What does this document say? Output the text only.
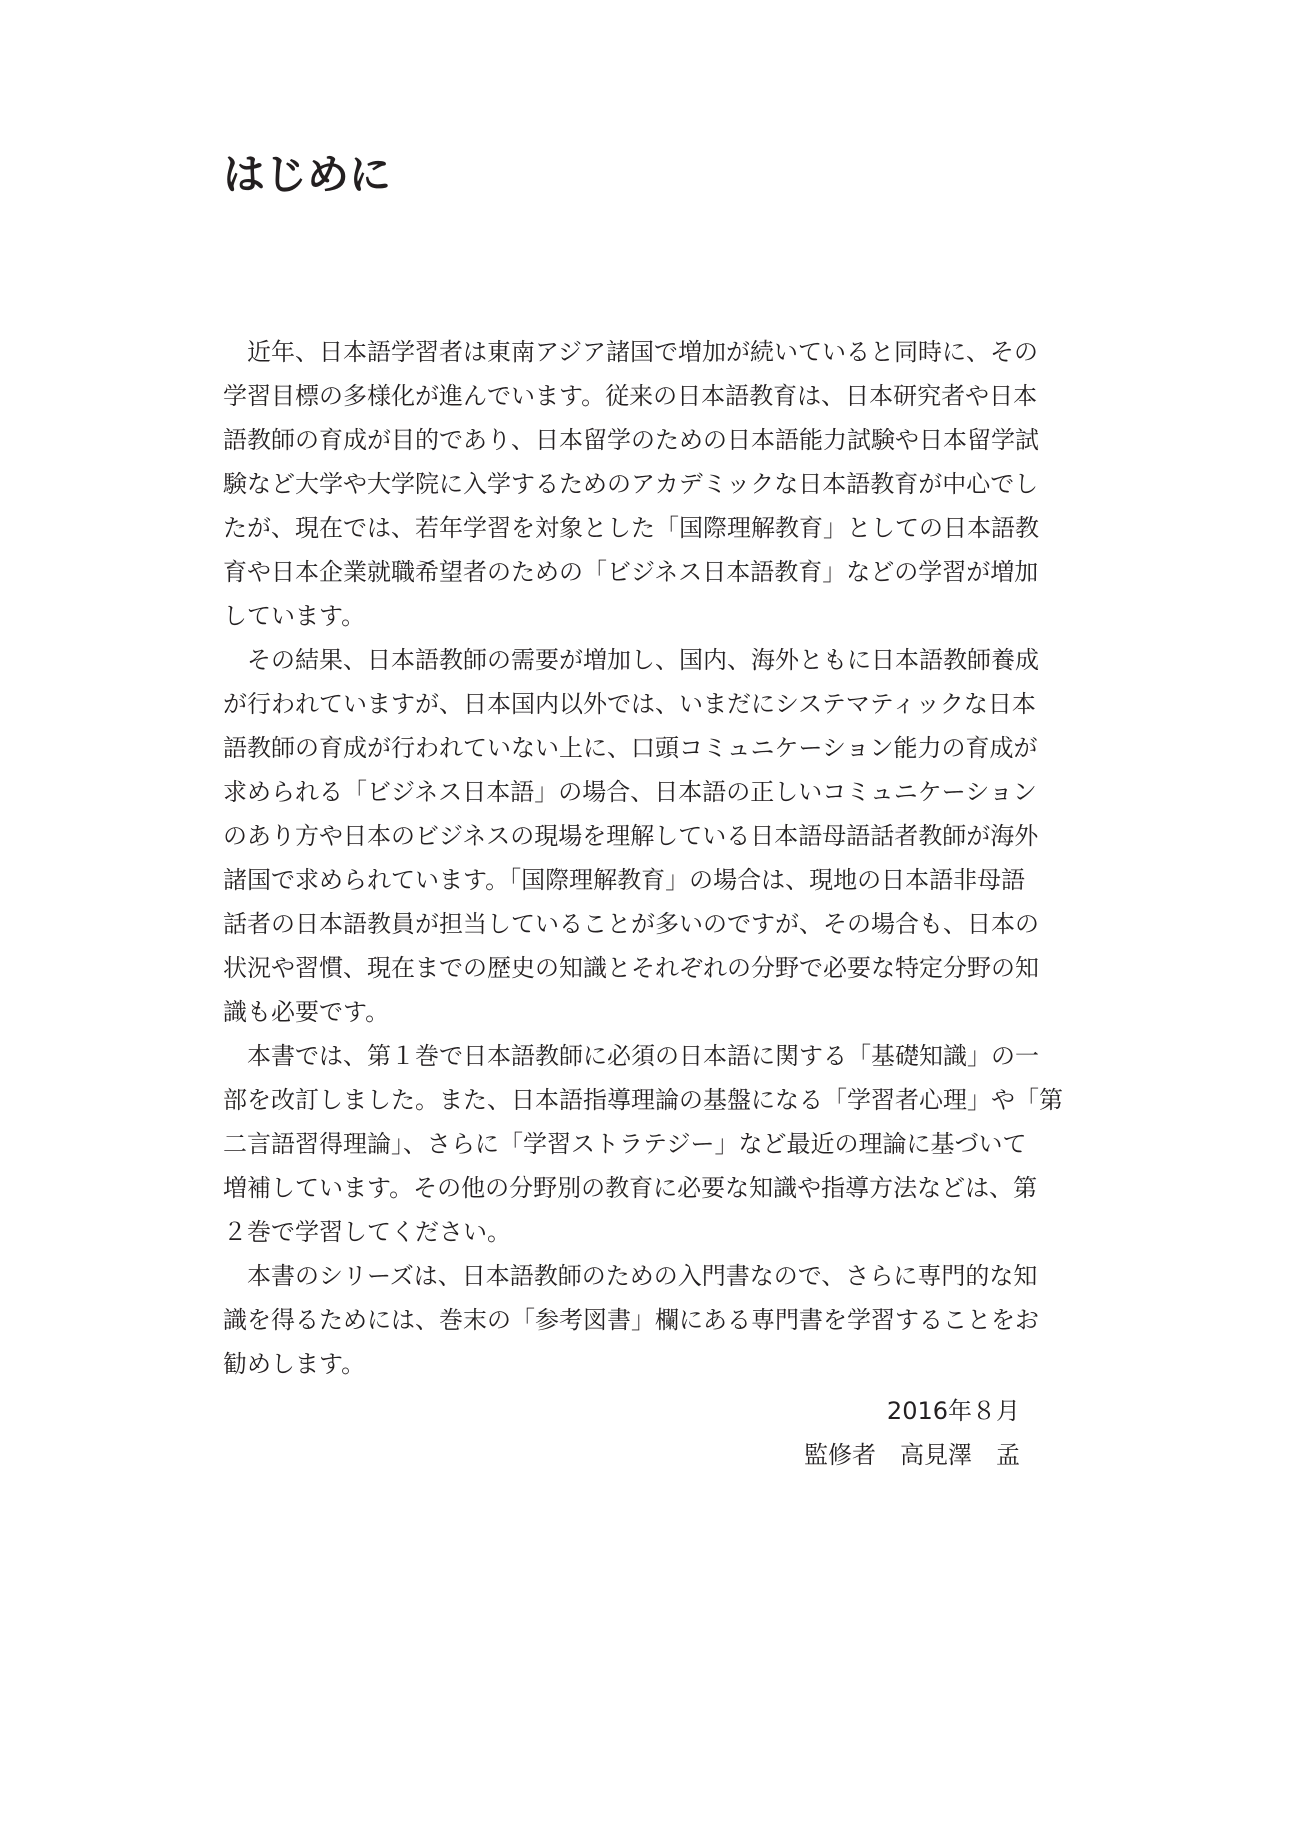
はじめに
　近年、日本語学習者は東南アジア諸国で増加が続いていると同時に、その
学習目標の多様化が進んでいます。従来の日本語教育は、日本研究者や日本
語教師の育成が目的であり、日本留学のための日本語能力試験や日本留学試
験など大学や大学院に入学するためのアカデミックな日本語教育が中心でし
たが、現在では、若年学習を対象とした「国際理解教育」としての日本語教
育や日本企業就職希望者のための「ビジネス日本語教育」などの学習が増加
しています。
　その結果、日本語教師の需要が増加し、国内、海外ともに日本語教師養成
が行われていますが、日本国内以外では、いまだにシステマティックな日本
語教師の育成が行われていない上に、口頭コミュニケーション能力の育成が
求められる「ビジネス日本語」の場合、日本語の正しいコミュニケーション
のあり方や日本のビジネスの現場を理解している日本語母語話者教師が海外
諸国で求められています。「国際理解教育」の場合は、現地の日本語非母語
話者の日本語教員が担当していることが多いのですが、その場合も、日本の
状況や習慣、現在までの歴史の知識とそれぞれの分野で必要な特定分野の知
識も必要です。
　本書では、第１巻で日本語教師に必須の日本語に関する「基礎知識」の一
部を改訂しました。また、日本語指導理論の基盤になる「学習者心理」や「第
二言語習得理論」、さらに「学習ストラテジー」など最近の理論に基づいて
増補しています。その他の分野別の教育に必要な知識や指導方法などは、第
２巻で学習してください。
　本書のシリーズは、日本語教師のための入門書なので、さらに専門的な知
識を得るためには、巻末の「参考図書」欄にある専門書を学習することをお
勧めします。
2016年８月
監修者　高見澤　孟
